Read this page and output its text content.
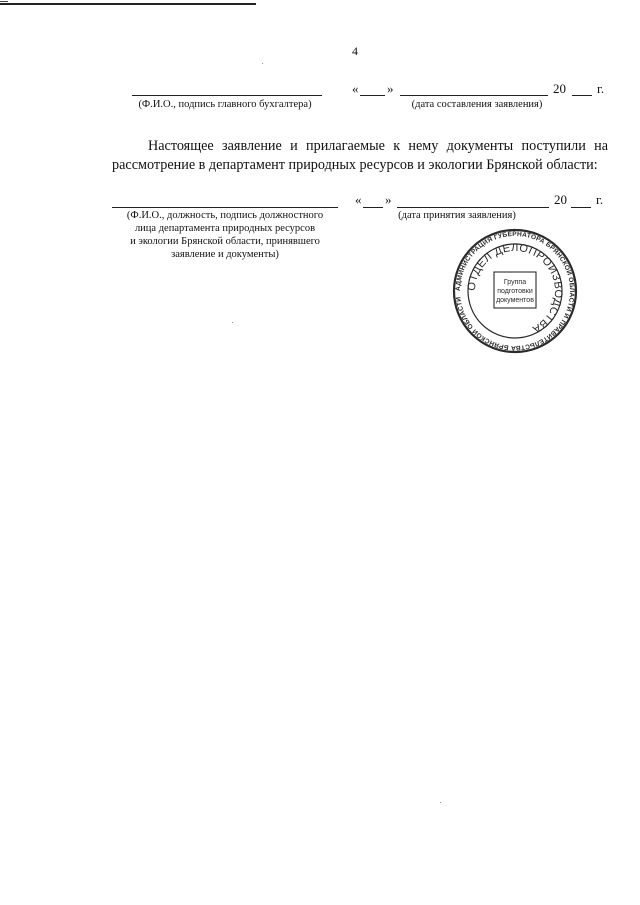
4
« »	20 г.
(Ф.И.О., подпись главного бухгалтера)	(дата составления заявления)

Настоящее заявление и прилагаемые к нему документы поступили на рассмотрение в департамент природных ресурсов и экологии Брянской области:

« »	20 г.
(Ф.И.О., должность, подпись должностного
лица департамента природных ресурсов
и экологии Брянской области, принявшего
заявление и документы)
(дата принятия заявления)
АДМИНИСТРАЦИЯ ГУБЕРНАТОРА БРЯНСКОЙ ОБЛАСТИ И ПРАВИТЕЛЬСТВА БРЯНСКОЙ ОБЛАСТИ
ОТДЕЛ ДЕЛОПРОИЗВОДСТВА
Группа
подготовки
документов
